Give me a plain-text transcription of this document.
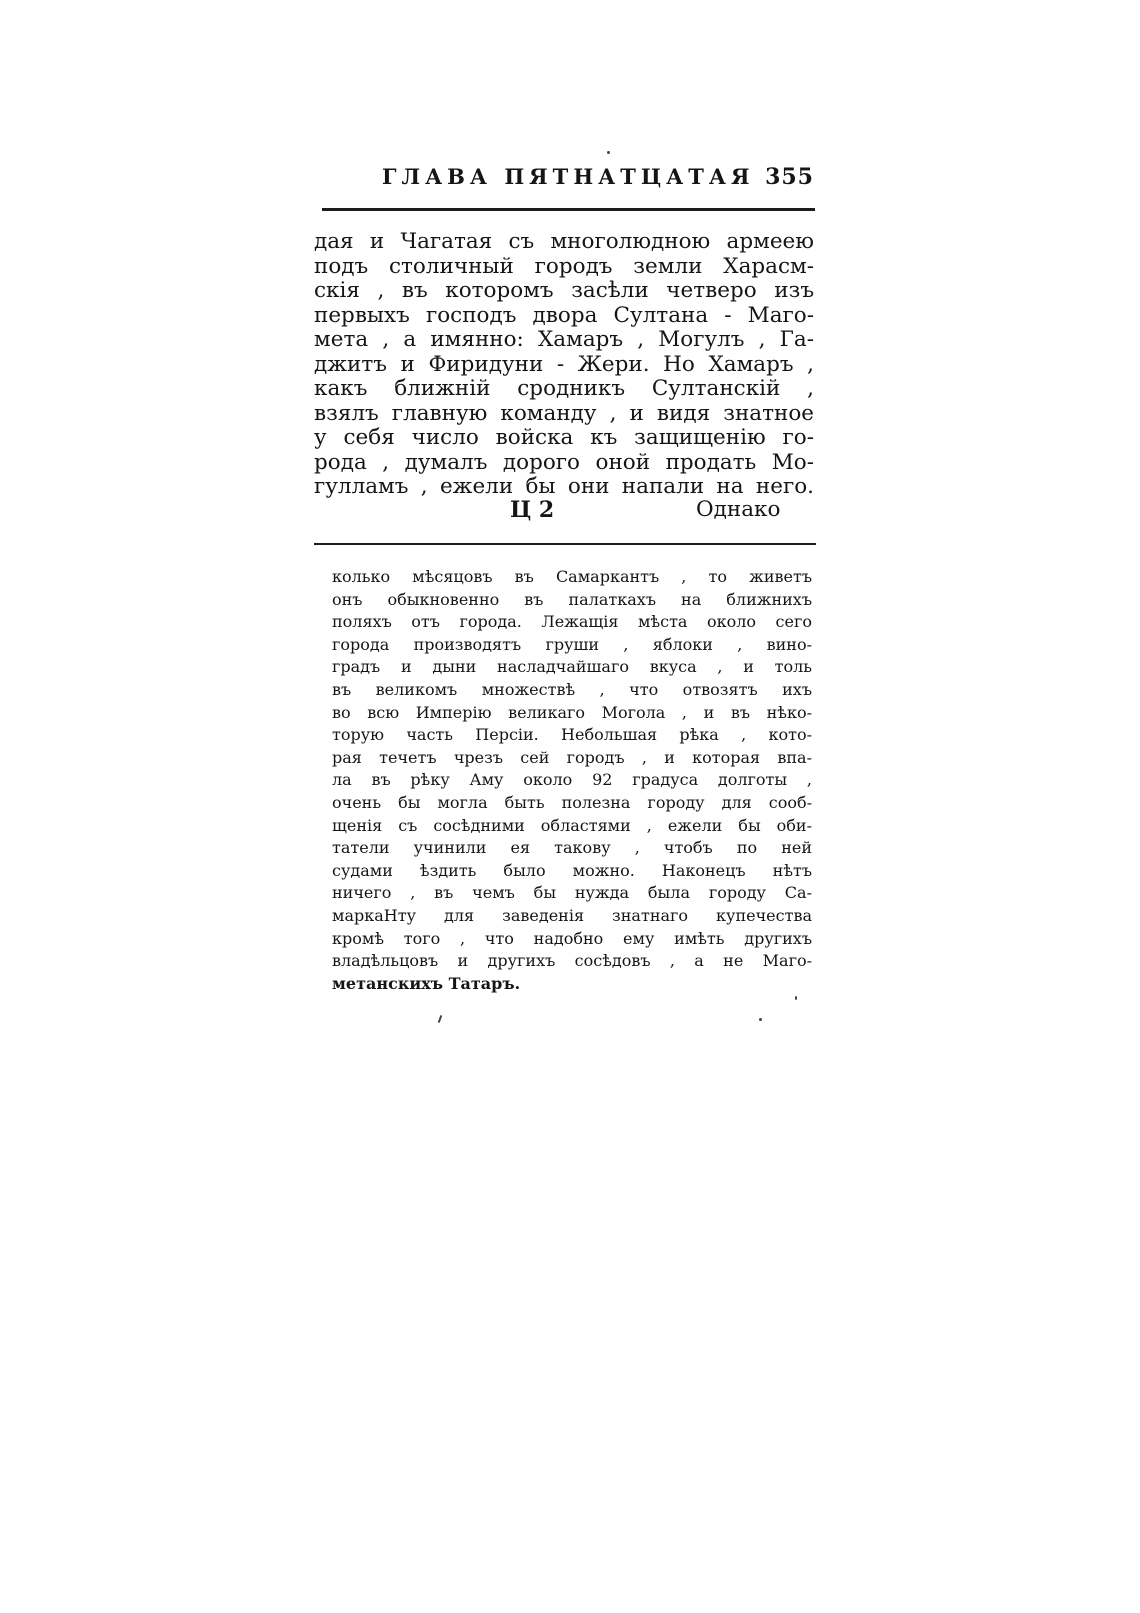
ГЛАВА ПЯТНАТЦАТАЯ 355
дая и Чагатая съ многолюдною армеею
подъ столичный городъ земли Харасм-
скія , въ которомъ засѣли четверо изъ
первыхъ господъ двора Султана - Маго-
мета , а имянно: Хамаръ , Могулъ , Га-
джитъ и Фиридуни - Жери. Но Хамаръ ,
какъ ближній сродникъ Султанскій ,
взялъ главную команду , и видя знатное
у себя число войска къ защищенію го-
рода , думалъ дорого оной продать Мо-
гулламъ , ежели бы они напали на него.
Ц 2	Однако
колько мѣсяцовъ въ Самаркантъ , то живетъ
онъ обыкновенно въ палаткахъ на ближнихъ
поляхъ отъ города. Лежащія мѣста около сего
города производятъ груши , яблоки , вино-
градъ и дыни насладчайшаго вкуса , и толь
въ великомъ множествѣ , что отвозятъ ихъ
во всю Имперію великаго Могола , и въ нѣко-
торую часть Персіи. Небольшая рѣка , кото-
рая течетъ чрезъ сей городъ , и которая впа-
ла въ рѣку Аму около 92 градуса долготы ,
очень бы могла быть полезна городу для сооб-
щенія съ сосѣдними областями , ежели бы оби-
татели учинили ея такову , чтобъ по ней
судами ѣздить было можно. Наконецъ нѣтъ
ничего , въ чемъ бы нужда была городу Са-
маркаНту для заведенія знатнаго купечества
кромѣ того , что надобно ему имѣть другихъ
владѣльцовъ и другихъ сосѣдовъ , а не Маго-
метанскихъ Татаръ.
